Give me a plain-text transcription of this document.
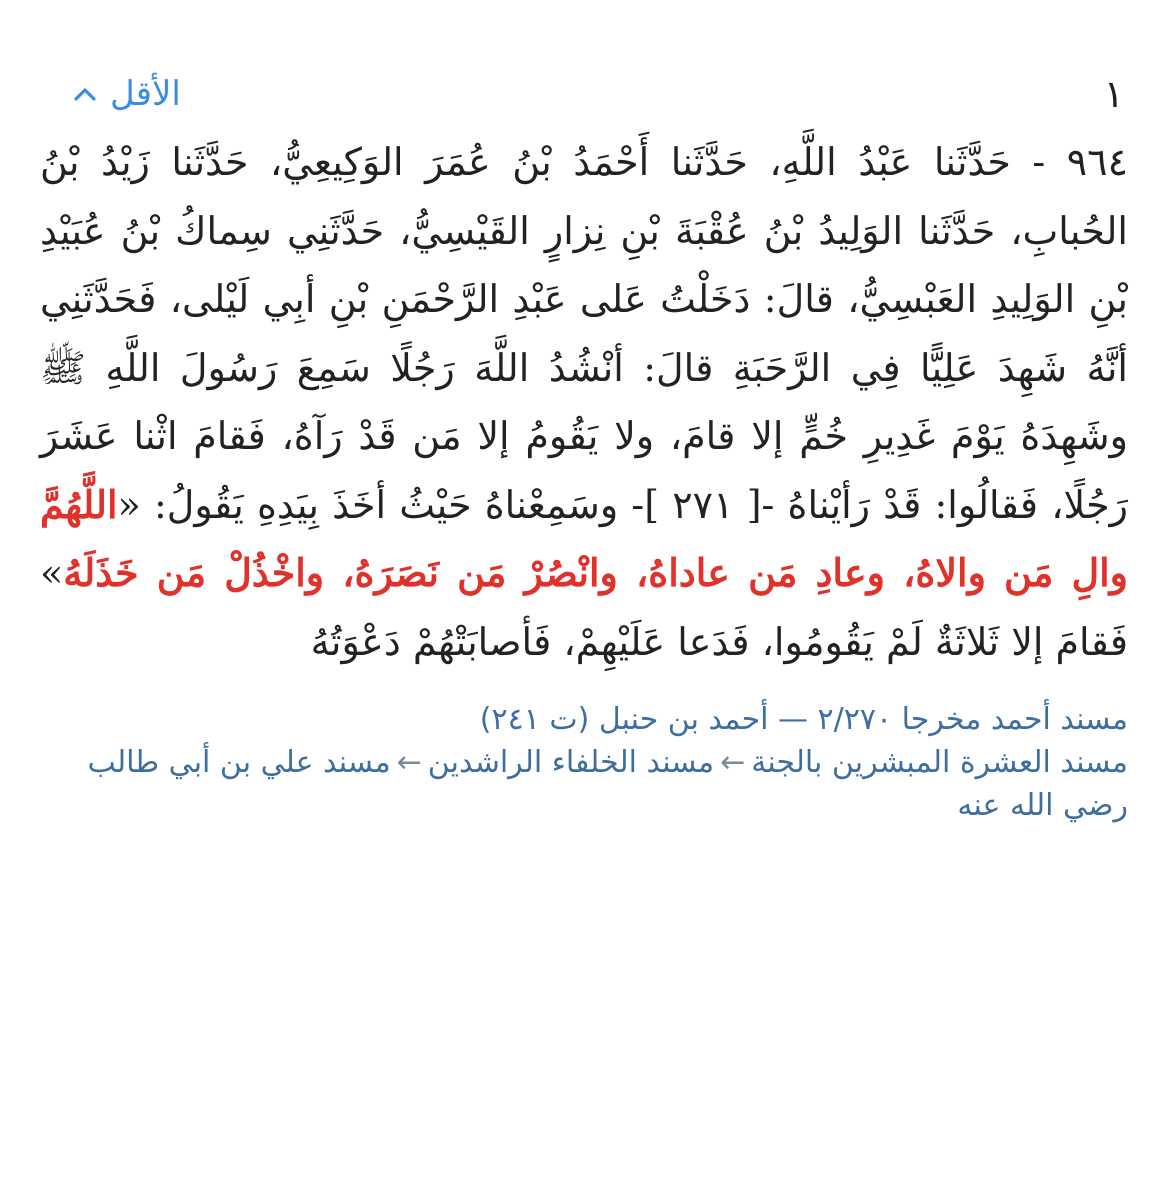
١
الأقل

٩٦٤ - حَدَّثَنا عَبْدُ اللَّهِ، حَدَّثَنا أَحْمَدُ بْنُ عُمَرَ الوَكِيعِيُّ، حَدَّثَنا زَيْدُ بْنُ الحُبابِ، حَدَّثَنا الوَلِيدُ بْنُ عُقْبَةَ بْنِ نِزارٍ القَيْسِيُّ، حَدَّثَنِي سِماكُ بْنُ عُبَيْدِ بْنِ الوَلِيدِ العَبْسِيُّ، قالَ: دَخَلْتُ عَلى عَبْدِ الرَّحْمَنِ بْنِ أبِي لَيْلى، فَحَدَّثَنِي أنَّهُ شَهِدَ عَلِيًّا فِي الرَّحَبَةِ قالَ: أنْشُدُ اللَّهَ رَجُلًا سَمِعَ رَسُولَ اللَّهِ ﷺ وشَهِدَهُ يَوْمَ غَدِيرِ خُمٍّ إلا قامَ، ولا يَقُومُ إلا مَن قَدْ رَآهُ، فَقامَ اثْنا عَشَرَ رَجُلًا، فَقالُوا: قَدْ رَأيْناهُ -[ ٢٧١ ]- وسَمِعْناهُ حَيْثُ أخَذَ بِيَدِهِ يَقُولُ: «اللَّهُمَّ والِ مَن والاهُ، وعادِ مَن عاداهُ، وانْصُرْ مَن نَصَرَهُ، واخْذُلْ مَن خَذَلَهُ» فَقامَ إلا ثَلاثَةٌ لَمْ يَقُومُوا، فَدَعا عَلَيْهِمْ، فَأصابَتْهُمْ دَعْوَتُهُ

مسند أحمد مخرجا ٢/٢٧٠ — أحمد بن حنبل (ت ٢٤١)
مسند العشرة المبشرين بالجنة←مسند الخلفاء الراشدين←مسند علي بن أبي طالب رضي الله عنه
